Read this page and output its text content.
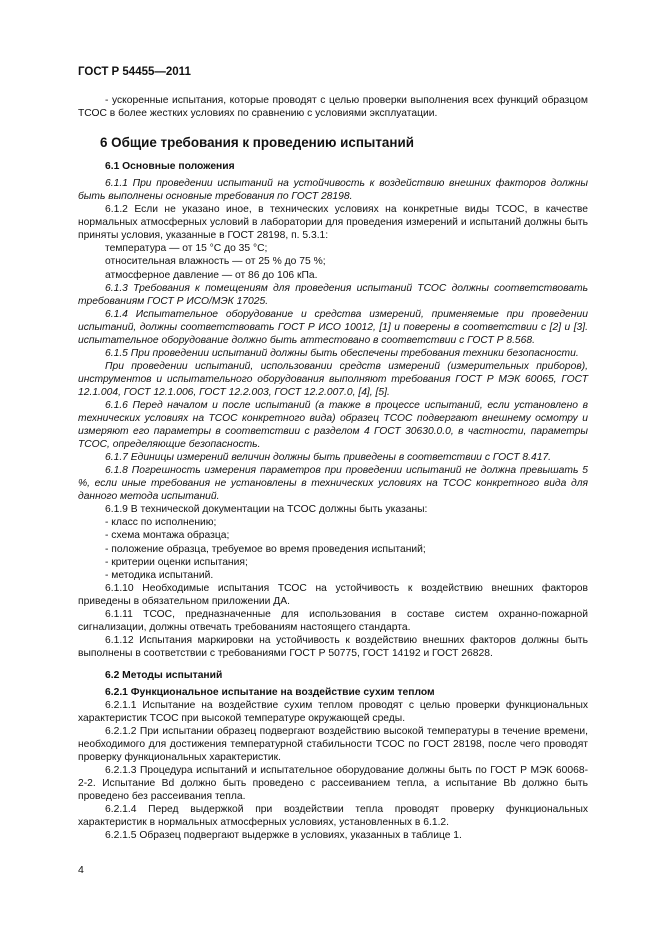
ГОСТ Р 54455—2011

- ускоренные испытания, которые проводят с целью проверки выполнения всех функций образцом ТСОС в более жестких условиях по сравнению с условиями эксплуатации.

6 Общие требования к проведению испытаний

6.1 Основные положения

6.1.1 При проведении испытаний на устойчивость к воздействию внешних факторов должны быть выполнены основные требования по ГОСТ 28198.

6.1.2 Если не указано иное, в технических условиях на конкретные виды ТСОС, в качестве нормальных атмосферных условий в лаборатории для проведения измерений и испытаний должны быть приняты условия, указанные в ГОСТ 28198, п. 5.3.1:

температура — от 15 °С до 35 °С;

относительная влажность — от 25 % до 75 %;

атмосферное давление — от 86 до 106 кПа.

6.1.3 Требования к помещениям для проведения испытаний ТСОС должны соответствовать требованиям ГОСТ Р ИСО/МЭК 17025.

6.1.4 Испытательное оборудование и средства измерений, применяемые при проведении испытаний, должны соответствовать ГОСТ Р ИСО 10012, [1] и поверены в соответствии с [2] и [3]. испытательное оборудование должно быть аттестовано в соответствии с ГОСТ Р 8.568.

6.1.5 При проведении испытаний должны быть обеспечены требования техники безопасности.

При проведении испытаний, использовании средств измерений (измерительных приборов), инструментов и испытательного оборудования выполняют требования ГОСТ Р МЭК 60065, ГОСТ 12.1.004, ГОСТ 12.1.006, ГОСТ 12.2.003, ГОСТ 12.2.007.0, [4], [5].

6.1.6 Перед началом и после испытаний (а также в процессе испытаний, если установлено в технических условиях на ТСОС конкретного вида) образец ТСОС подвергают внешнему осмотру и измеряют его параметры в соответствии с разделом 4 ГОСТ 30630.0.0, в частности, параметры ТСОС, определяющие безопасность.

6.1.7 Единицы измерений величин должны быть приведены в соответствии с ГОСТ 8.417.

6.1.8 Погрешность измерения параметров при проведении испытаний не должна превышать 5 %, если иные требования не установлены в технических условиях на ТСОС конкретного вида для данного метода испытаний.

6.1.9 В технической документации на ТСОС должны быть указаны:

- класс по исполнению;

- схема монтажа образца;

- положение образца, требуемое во время проведения испытаний;

- критерии оценки испытания;

- методика испытаний.

6.1.10 Необходимые испытания ТСОС на устойчивость к воздействию внешних факторов приведены в обязательном приложении ДА.

6.1.11 ТСОС, предназначенные для использования в составе систем охранно-пожарной сигнализации, должны отвечать требованиям настоящего стандарта.

6.1.12 Испытания маркировки на устойчивость к воздействию внешних факторов должны быть выполнены в соответствии с требованиями ГОСТ Р 50775, ГОСТ 14192 и ГОСТ 26828.

6.2 Методы испытаний

6.2.1 Функциональное испытание на воздействие сухим теплом

6.2.1.1 Испытание на воздействие сухим теплом проводят с целью проверки функциональных характеристик ТСОС при высокой температуре окружающей среды.

6.2.1.2 При испытании образец подвергают воздействию высокой температуры в течение времени, необходимого для достижения температурной стабильности ТСОС по ГОСТ 28198, после чего проводят проверку функциональных характеристик.

6.2.1.3 Процедура испытаний и испытательное оборудование должны быть по ГОСТ Р МЭК 60068-2-2. Испытание Bd должно быть проведено с рассеиванием тепла, а испытание Bb должно быть проведено без рассеивания тепла.

6.2.1.4 Перед выдержкой при воздействии тепла проводят проверку функциональных характеристик в нормальных атмосферных условиях, установленных в 6.1.2.

6.2.1.5 Образец подвергают выдержке в условиях, указанных в таблице 1.

4
